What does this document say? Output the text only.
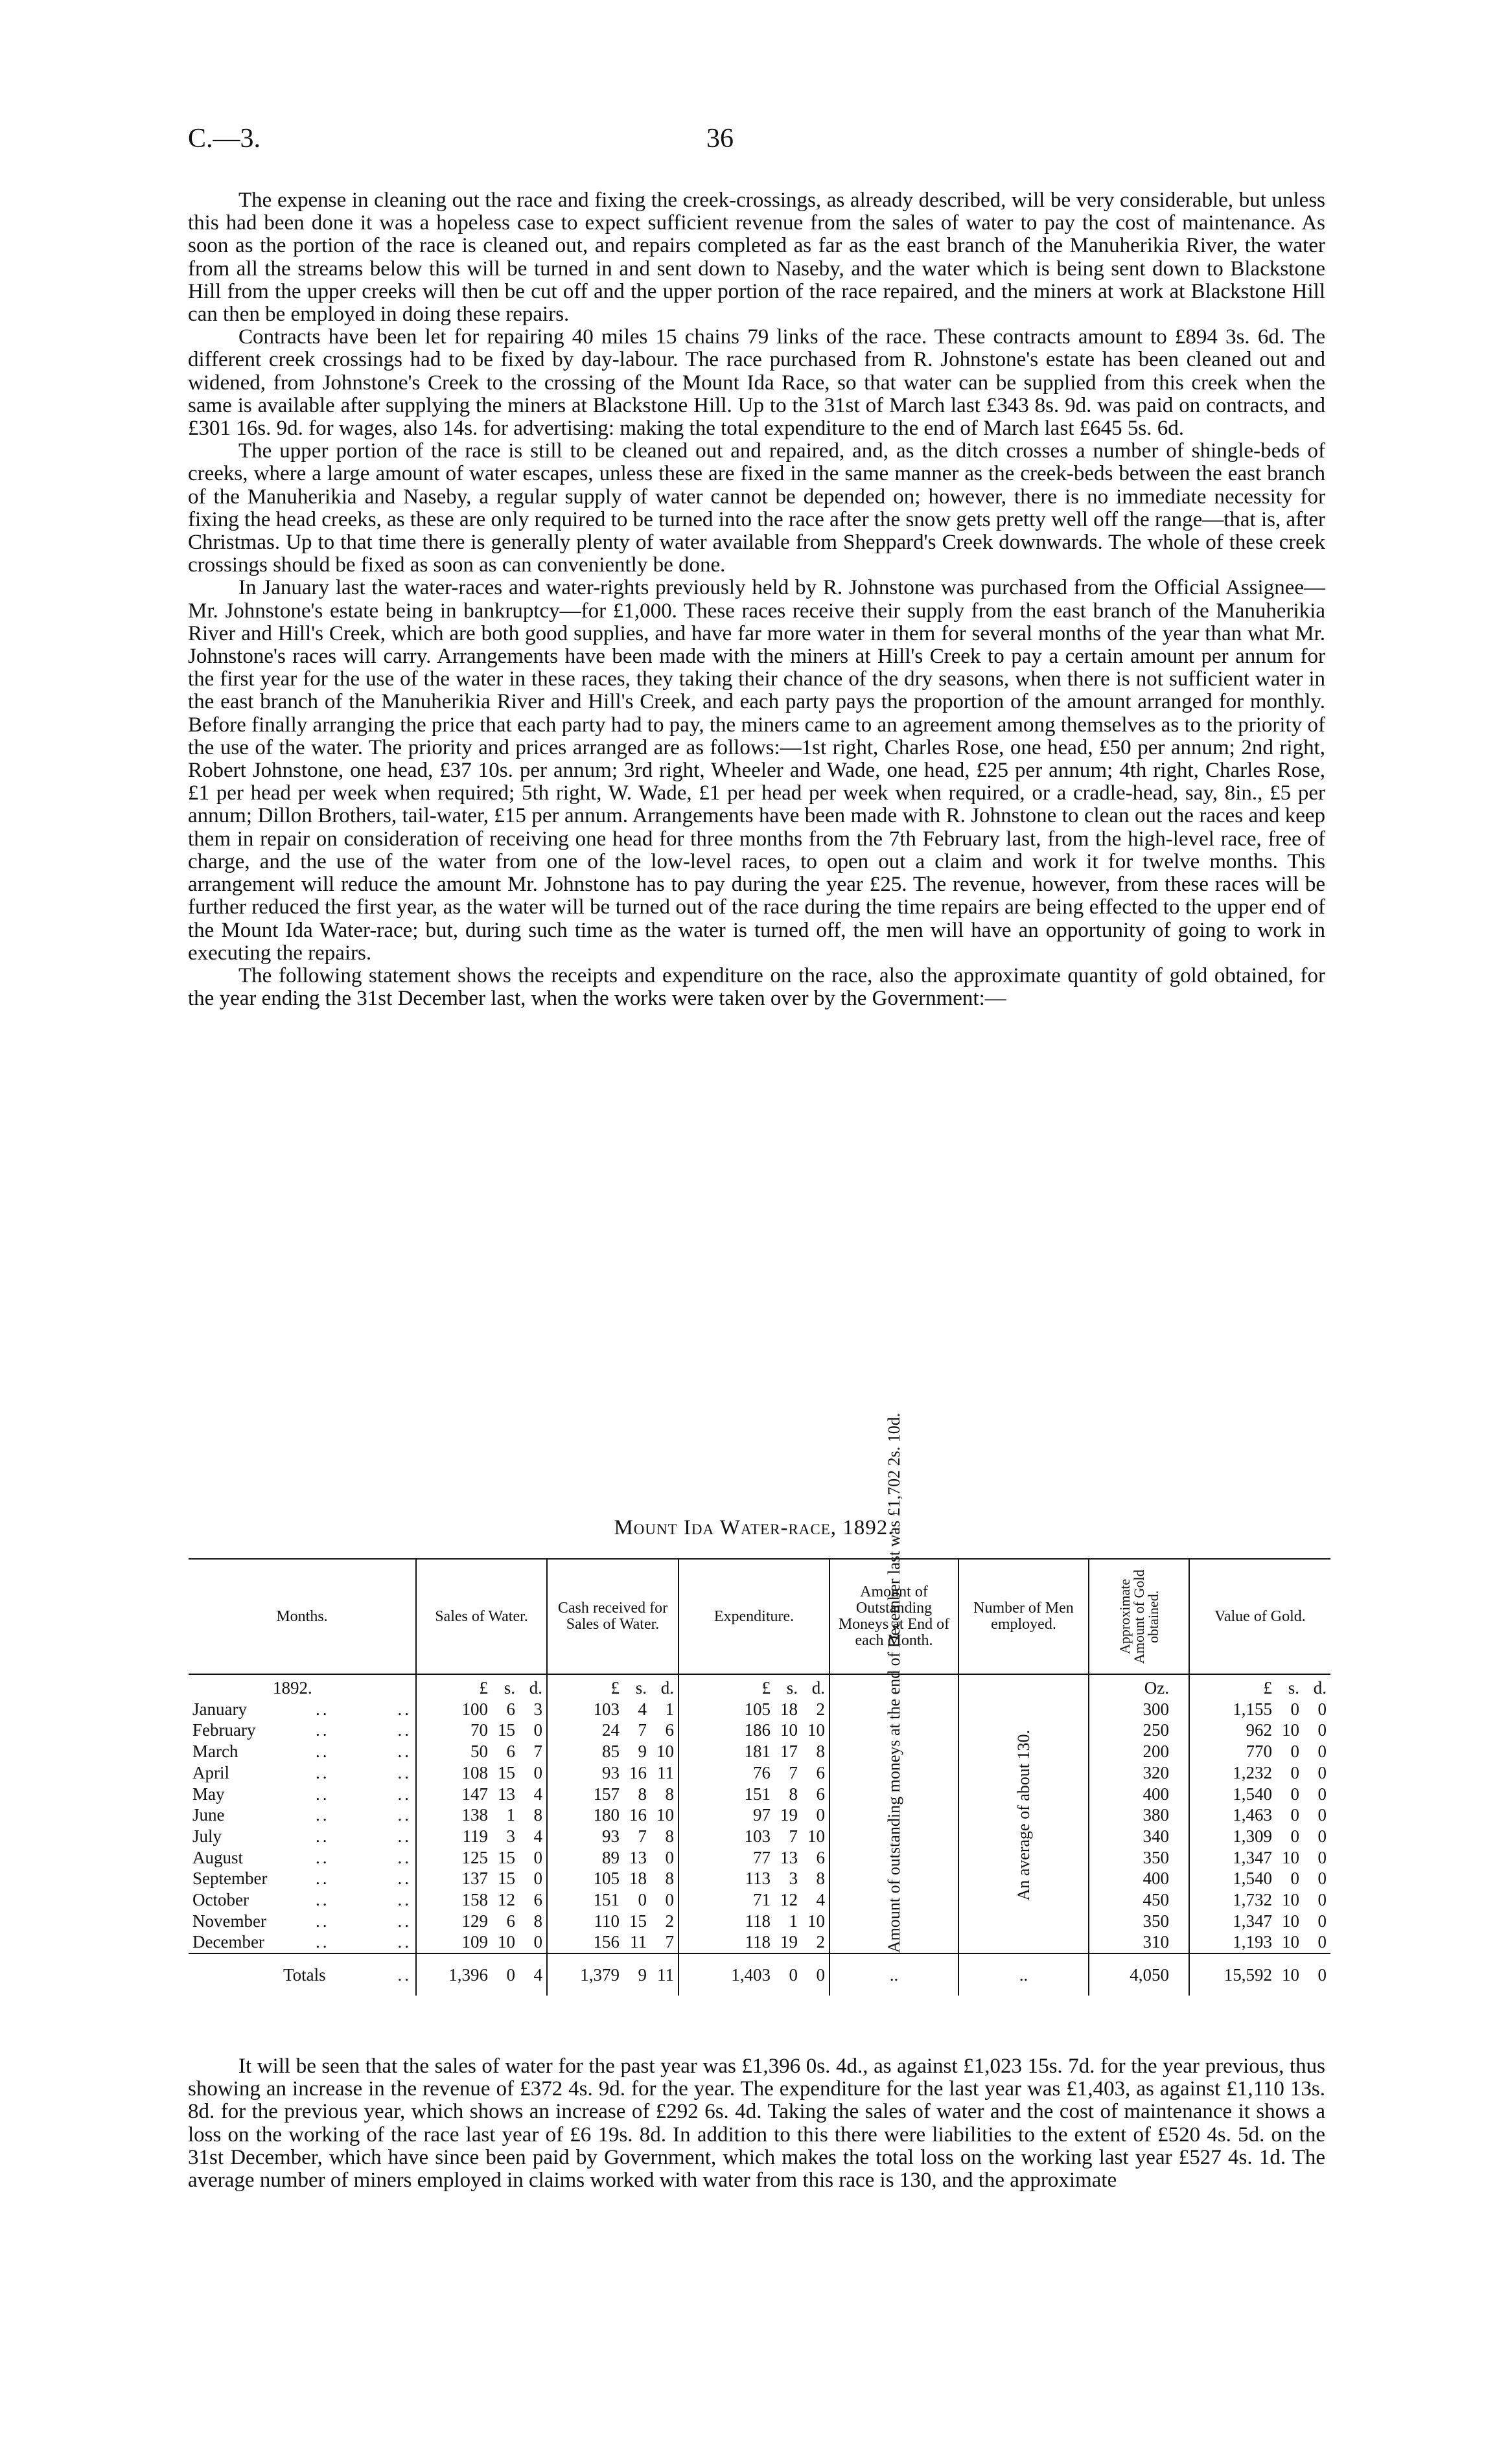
C.—3.	36

The expense in cleaning out the race and fixing the creek-crossings, as already described, will be very considerable, but unless this had been done it was a hopeless case to expect sufficient revenue from the sales of water to pay the cost of maintenance. As soon as the portion of the race is cleaned out, and repairs completed as far as the east branch of the Manuherikia River, the water from all the streams below this will be turned in and sent down to Naseby, and the water which is being sent down to Blackstone Hill from the upper creeks will then be cut off and the upper portion of the race repaired, and the miners at work at Blackstone Hill can then be employed in doing these repairs.

Contracts have been let for repairing 40 miles 15 chains 79 links of the race. These contracts amount to £894 3s. 6d. The different creek crossings had to be fixed by day-labour. The race purchased from R. Johnstone's estate has been cleaned out and widened, from Johnstone's Creek to the crossing of the Mount Ida Race, so that water can be supplied from this creek when the same is available after supplying the miners at Blackstone Hill. Up to the 31st of March last £343 8s. 9d. was paid on contracts, and £301 16s. 9d. for wages, also 14s. for advertising: making the total expenditure to the end of March last £645 5s. 6d.

The upper portion of the race is still to be cleaned out and repaired, and, as the ditch crosses a number of shingle-beds of creeks, where a large amount of water escapes, unless these are fixed in the same manner as the creek-beds between the east branch of the Manuherikia and Naseby, a regular supply of water cannot be depended on; however, there is no immediate necessity for fixing the head creeks, as these are only required to be turned into the race after the snow gets pretty well off the range—that is, after Christmas. Up to that time there is generally plenty of water available from Sheppard's Creek downwards. The whole of these creek crossings should be fixed as soon as can conveniently be done.

In January last the water-races and water-rights previously held by R. Johnstone was purchased from the Official Assignee—Mr. Johnstone's estate being in bankruptcy—for £1,000. These races receive their supply from the east branch of the Manuherikia River and Hill's Creek, which are both good supplies, and have far more water in them for several months of the year than what Mr. Johnstone's races will carry. Arrangements have been made with the miners at Hill's Creek to pay a certain amount per annum for the first year for the use of the water in these races, they taking their chance of the dry seasons, when there is not sufficient water in the east branch of the Manuherikia River and Hill's Creek, and each party pays the proportion of the amount arranged for monthly. Before finally arranging the price that each party had to pay, the miners came to an agreement among themselves as to the priority of the use of the water. The priority and prices arranged are as follows:—1st right, Charles Rose, one head, £50 per annum; 2nd right, Robert Johnstone, one head, £37 10s. per annum; 3rd right, Wheeler and Wade, one head, £25 per annum; 4th right, Charles Rose, £1 per head per week when required; 5th right, W. Wade, £1 per head per week when required, or a cradle-head, say, 8in., £5 per annum; Dillon Brothers, tail-water, £15 per annum. Arrangements have been made with R. Johnstone to clean out the races and keep them in repair on consideration of receiving one head for three months from the 7th February last, from the high-level race, free of charge, and the use of the water from one of the low-level races, to open out a claim and work it for twelve months. This arrangement will reduce the amount Mr. Johnstone has to pay during the year £25. The revenue, however, from these races will be further reduced the first year, as the water will be turned out of the race during the time repairs are being effected to the upper end of the Mount Ida Water-race; but, during such time as the water is turned off, the men will have an opportunity of going to work in executing the repairs.

The following statement shows the receipts and expenditure on the race, also the approximate quantity of gold obtained, for the year ending the 31st December last, when the works were taken over by the Government:—

Mount Ida Water-race, 1892.
Months.	Sales of Water.	Cash received for Sales of Water.	Expenditure.	Amount of Outstanding Moneys at End of each Month.	Number of Men employed.	Approximate Amount of Gold obtained.	Value of Gold.
1892.	£ s. d.	£ s. d.	£ s. d.	Amount of outstanding moneys at the end of December last was £1,702 2s. 10d.	An average of about 130.	Oz.	£ s. d.
January .. ..	100 6 3	103 4 1	105 18 2			300	1,155 0 0
February .. ..	70 15 0	24 7 6	186 10 10			250	962 10 0
March .. ..	50 6 7	85 9 10	181 17 8			200	770 0 0
April .. ..	108 15 0	93 16 11	76 7 6			320	1,232 0 0
May .. ..	147 13 4	157 8 8	151 8 6			400	1,540 0 0
June .. ..	138 1 8	180 16 10	97 19 0			380	1,463 0 0
July .. ..	119 3 4	93 7 8	103 7 10			340	1,309 0 0
August .. ..	125 15 0	89 13 0	77 13 6			350	1,347 10 0
September .. ..	137 15 0	105 18 8	113 3 8			400	1,540 0 0
October .. ..	158 12 6	151 0 0	71 12 4			450	1,732 10 0
November .. ..	129 6 8	110 15 2	118 1 10			350	1,347 10 0
December .. ..	109 10 0	156 11 7	118 19 2			310	1,193 10 0
Totals ..	1,396 0 4	1,379 9 11	1,403 0 0	..	..	4,050	15,592 10 0

It will be seen that the sales of water for the past year was £1,396 0s. 4d., as against £1,023 15s. 7d. for the year previous, thus showing an increase in the revenue of £372 4s. 9d. for the year. The expenditure for the last year was £1,403, as against £1,110 13s. 8d. for the previous year, which shows an increase of £292 6s. 4d. Taking the sales of water and the cost of maintenance it shows a loss on the working of the race last year of £6 19s. 8d. In addition to this there were liabilities to the extent of £520 4s. 5d. on the 31st December, which have since been paid by Government, which makes the total loss on the working last year £527 4s. 1d. The average number of miners employed in claims worked with water from this race is 130, and the approximate
